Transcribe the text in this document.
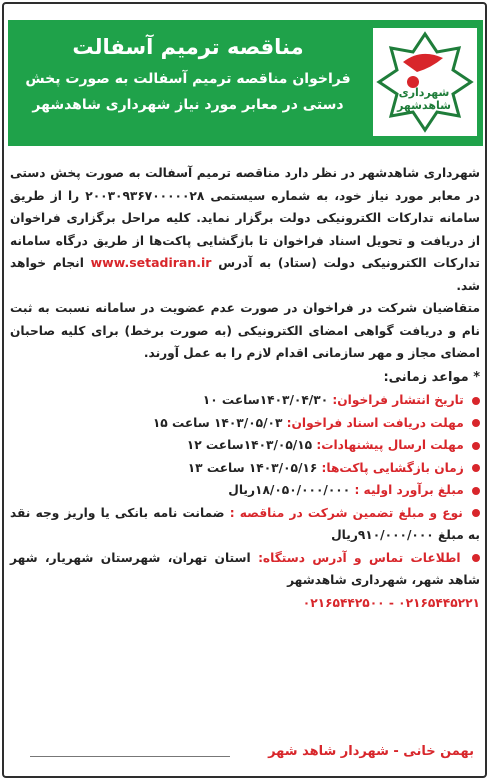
شهرداری شاهدشهر
مناقصه ترمیم آسفالت
فراخوان مناقصه ترمیم آسفالت به صورت پخش دستی در معابر مورد نیاز شهرداری شاهدشهر

شهرداری شاهدشهر در نظر دارد مناقصه ترمیم آسفالت به صورت پخش دستی در معابر مورد نیاز خود، به شماره سیستمی ۲۰۰۳۰۹۳۶۷۰۰۰۰۰۲۸ را از طریق سامانه تدارکات الکترونیکی دولت برگزار نماید. کلیه مراحل برگزاری فراخوان از دریافت و تحویل اسناد فراخوان تا بازگشایی پاکت‌ها از طریق درگاه سامانه تدارکات الکترونیکی دولت (ستاد) به آدرس www.setadiran.ir انجام خواهد شد.

متقاضیان شرکت در فراخوان در صورت عدم عضویت در سامانه نسبت به ثبت نام و دریافت گواهی امضای الکترونیکی (به صورت برخط) برای کلیه صاحبان امضای مجاز و مهر سازمانی اقدام لازم را به عمل آورند.

* مواعد زمانی:
تاریخ انتشار فراخوان: ۱۴۰۳/۰۴/۳۰ساعت ۱۰
مهلت دریافت اسناد فراخوان: ۱۴۰۳/۰۵/۰۳ ساعت ۱۵
مهلت ارسال پیشنهادات: ۱۴۰۳/۰۵/۱۵ساعت ۱۲
زمان بازگشایی پاکت‌ها: ۱۴۰۳/۰۵/۱۶ ساعت ۱۳
مبلغ برآورد اولیه : ۱۸/۰۵۰/۰۰۰/۰۰۰ریال
نوع و مبلغ تضمین شرکت در مناقصه : ضمانت نامه بانکی یا واریز وجه نقد به مبلغ ۹۱۰/۰۰۰/۰۰۰ریال
اطلاعات تماس و آدرس دستگاه: استان تهران، شهرستان شهریار، شهر شاهد شهر، شهرداری شاهدشهر
۰۲۱۶۵۴۴۵۲۲۱ - ۰۲۱۶۵۴۴۲۵۰۰
بهمن خانی - شهردار شاهد شهر
